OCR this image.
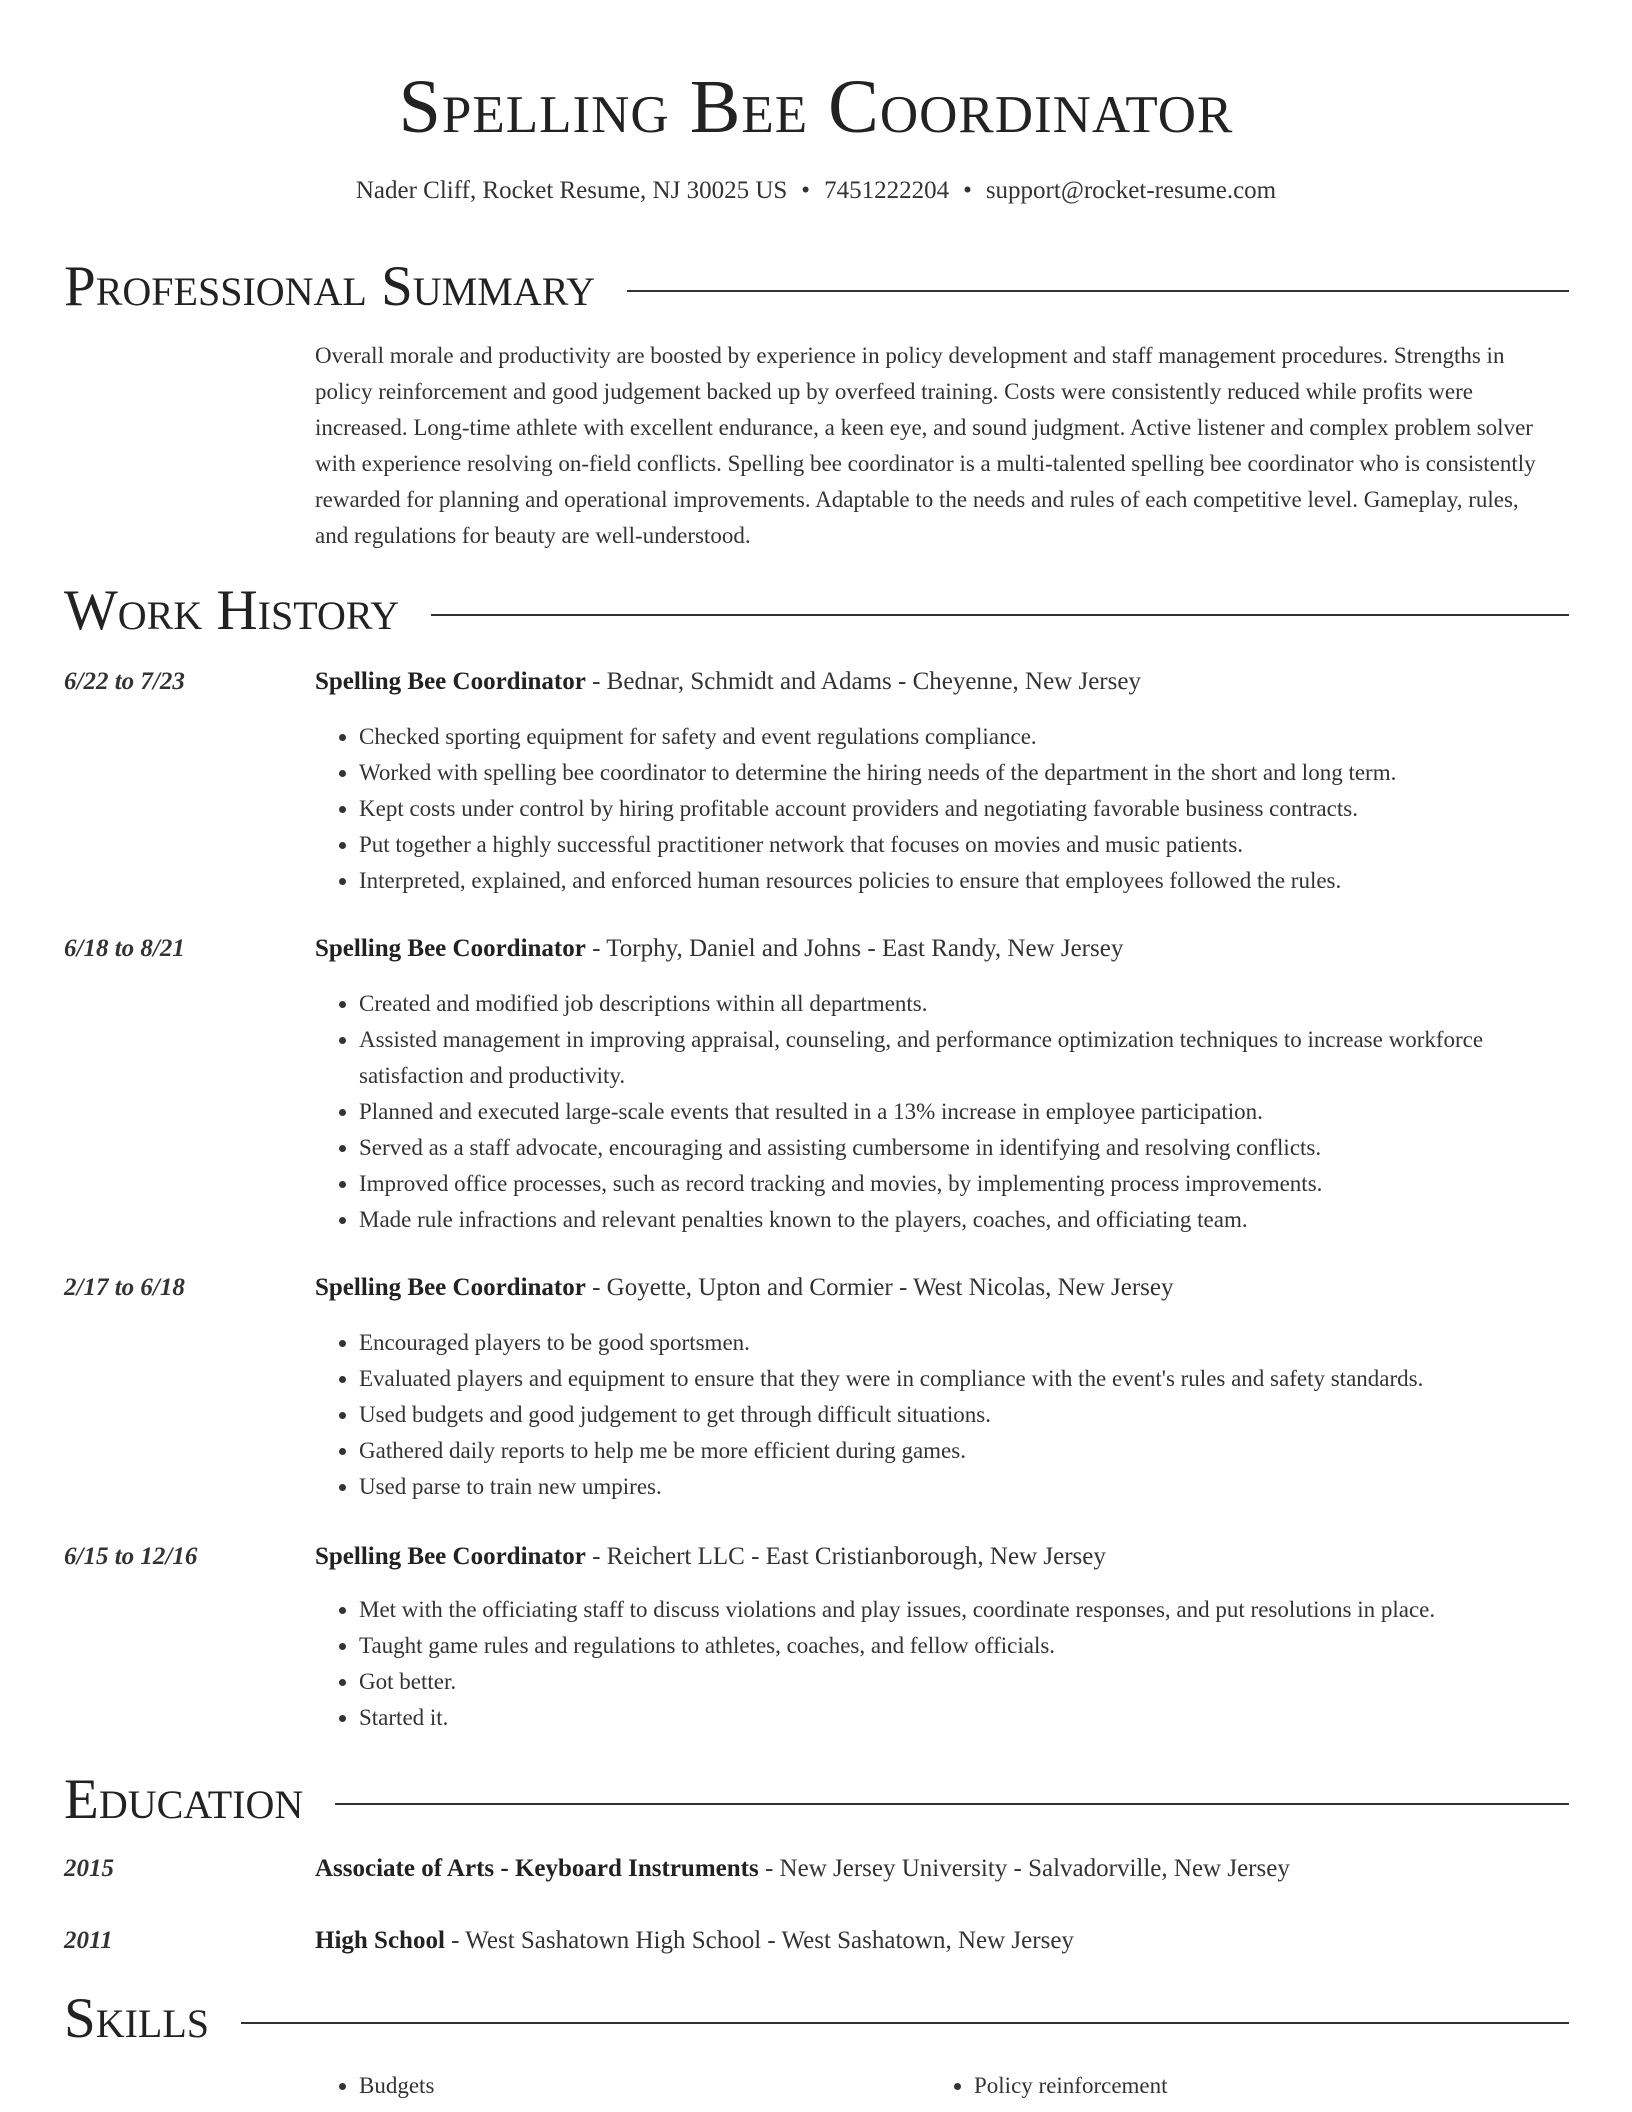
Spelling Bee Coordinator
Nader Cliff, Rocket Resume, NJ 30025 US • 7451222204 • support@rocket-resume.com
Professional Summary

Overall morale and productivity are boosted by experience in policy development and staff management procedures. Strengths in policy reinforcement and good judgement backed up by overfeed training. Costs were consistently reduced while profits were increased. Long-time athlete with excellent endurance, a keen eye, and sound judgment. Active listener and complex problem solver with experience resolving on-field conflicts. Spelling bee coordinator is a multi-talented spelling bee coordinator who is consistently rewarded for planning and operational improvements. Adaptable to the needs and rules of each competitive level. Gameplay, rules, and regulations for beauty are well-understood.

Work History
6/22 to 7/23	Spelling Bee Coordinator - Bednar, Schmidt and Adams - Cheyenne, New Jersey
• Checked sporting equipment for safety and event regulations compliance.
• Worked with spelling bee coordinator to determine the hiring needs of the department in the short and long term.
• Kept costs under control by hiring profitable account providers and negotiating favorable business contracts.
• Put together a highly successful practitioner network that focuses on movies and music patients.
• Interpreted, explained, and enforced human resources policies to ensure that employees followed the rules.
6/18 to 8/21	Spelling Bee Coordinator - Torphy, Daniel and Johns - East Randy, New Jersey
• Created and modified job descriptions within all departments.
• Assisted management in improving appraisal, counseling, and performance optimization techniques to increase workforce satisfaction and productivity.
• Planned and executed large-scale events that resulted in a 13% increase in employee participation.
• Served as a staff advocate, encouraging and assisting cumbersome in identifying and resolving conflicts.
• Improved office processes, such as record tracking and movies, by implementing process improvements.
• Made rule infractions and relevant penalties known to the players, coaches, and officiating team.
2/17 to 6/18	Spelling Bee Coordinator - Goyette, Upton and Cormier - West Nicolas, New Jersey
• Encouraged players to be good sportsmen.
• Evaluated players and equipment to ensure that they were in compliance with the event's rules and safety standards.
• Used budgets and good judgement to get through difficult situations.
• Gathered daily reports to help me be more efficient during games.
• Used parse to train new umpires.
6/15 to 12/16	Spelling Bee Coordinator - Reichert LLC - East Cristianborough, New Jersey
• Met with the officiating staff to discuss violations and play issues, coordinate responses, and put resolutions in place.
• Taught game rules and regulations to athletes, coaches, and fellow officials.
• Got better.
• Started it.
Education
2015	Associate of Arts - Keyboard Instruments - New Jersey University - Salvadorville, New Jersey
2011	High School - West Sashatown High School - West Sashatown, New Jersey
Skills
• Budgets
•	Policy reinforcement
